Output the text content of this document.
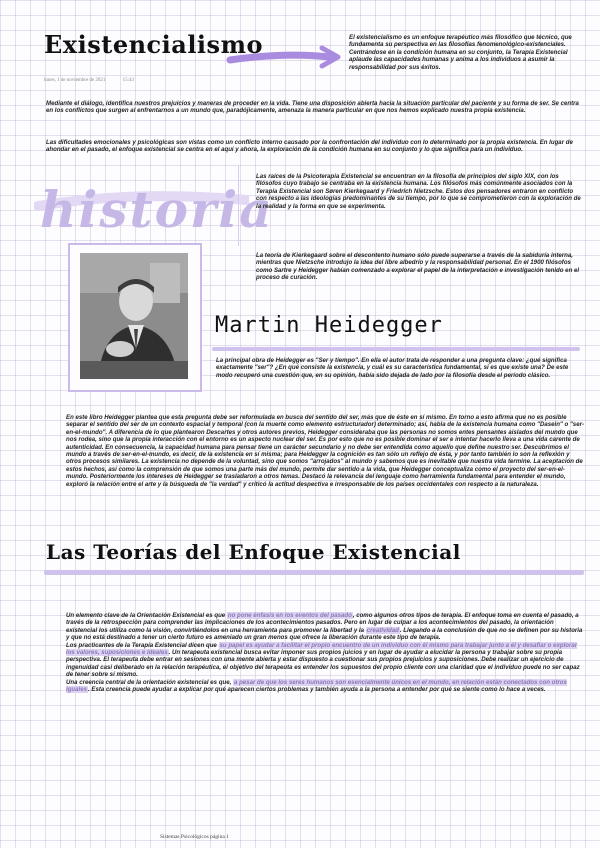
Existencialismo
lunes, 1 de noviembre de 2021	15:43

El existencialismo es un enfoque terapéutico más filosófico que técnico, que fundamenta su perspectiva en las filosofías fenomenológico-existenciales. Centrándose en la condición humana en su conjunto, la Terapia Existencial aplaude las capacidades humanas y anima a los individuos a asumir la responsabilidad por sus éxitos.

Mediante el diálogo, identifica nuestros prejuicios y maneras de proceder en la vida. Tiene una disposición abierta hacia la situación particular del paciente y su forma de ser. Se centra en los conflictos que surgen al enfrentarnos a un mundo que, paradójicamente, amenaza la manera particular en que nos hemos explicado nuestra propia existencia.

Las dificultades emocionales y psicológicas son vistas como un conflicto interno causado por la confrontación del individuo con lo determinado por la propia existencia. En lugar de ahondar en el pasado, el enfoque existencial se centra en el aquí y ahora, la exploración de la condición humana en su conjunto y lo que significa para un individuo.

historia

Las raíces de la Psicoterapia Existencial se encuentran en la filosofía de principios del siglo XIX, con los filósofos cuyo trabajo se centraba en la existencia humana. Los filósofos más comúnmente asociados con la Terapia Existencial son Søren Kierkegaard y Friedrich Nietzsche. Estos dos pensadores entraron en conflicto con respecto a las ideologías predominantes de su tiempo, por lo que se comprometieron con la exploración de la realidad y la forma en que se experimenta.

La teoría de Kierkegaard sobre el descontento humano sólo puede superarse a través de la sabiduría interna, mientras que Nietzsche introdujo la idea del libre albedrío y la responsabilidad personal. En el 1900 filósofos como Sartre y Heidegger habían comenzado a explorar el papel de la interpretación e investigación tenido en el proceso de curación.

Martin Heidegger

La principal obra de Heidegger es "Ser y tiempo". En ella el autor trata de responder a una pregunta clave: ¿qué significa exactamente "ser"? ¿En qué consiste la existencia, y cuál es su característica fundamental, si es que existe una? De este modo recuperó una cuestión que, en su opinión, había sido dejada de lado por la filosofía desde el período clásico.

En este libro Heidegger plantea que esta pregunta debe ser reformulada en busca del sentido del ser, más que de éste en sí mismo. En torno a esto afirma que no es posible separar el sentido del ser de un contexto espacial y temporal (con la muerte como elemento estructurador) determinado; así, habla de la existencia humana como "Dasein" o "ser-en-el-mundo". A diferencia de lo que plantearon Descartes y otros autores previos, Heidegger consideraba que las personas no somos entes pensantes aislados del mundo que nos rodea, sino que la propia interacción con el entorno es un aspecto nuclear del ser. Es por esto que no es posible dominar el ser e intentar hacerlo lleva a una vida carente de autenticidad. En consecuencia, la capacidad humana para pensar tiene un carácter secundario y no debe ser entendida como aquello que define nuestro ser. Descubrimos el mundo a través de ser-en-el-mundo, es decir, de la existencia en sí misma; para Heidegger la cognición es tan sólo un reflejo de ésta, y por tanto también lo son la reflexión y otros procesos similares. La existencia no depende de la voluntad, sino que somos "arrojados" al mundo y sabemos que es inevitable que nuestra vida termine. La aceptación de estos hechos, así como la comprensión de que somos una parte más del mundo, permite dar sentido a la vida, que Heidegger conceptualiza como el proyecto del ser-en-el-mundo. Posteriormente los intereses de Heidegger se trasladaron a otros temas. Destacó la relevancia del lenguaje como herramienta fundamental para entender el mundo, exploró la relación entre el arte y la búsqueda de "la verdad" y criticó la actitud despectiva e irresponsable de los países occidentales con respecto a la naturaleza.

Las Teorías del Enfoque Existencial

Un elemento clave de la Orientación Existencial es que no pone énfasis en los eventos del pasado, como algunos otros tipos de terapia. El enfoque toma en cuenta el pasado, a través de la retrospección para comprender las implicaciones de los acontecimientos pasados. Pero en lugar de culpar a los acontecimientos del pasado, la orientación existencial los utiliza como la visión, convirtiéndolos en una herramienta para promover la libertad y la creatividad. Llegando a la conclusión de que no se definen por su historia y que no está destinado a tener un cierto futuro es ameniado un gran menos que ofrece la liberación durante este tipo de terapia.

Los practicantes de la Terapia Existencial dicen que su papel es ayudar a facilitar el propio encuentro de un individuo con él mismo para trabajar junto a él y desafiar o explorar los valores, suposiciones e ideales. Un terapeuta existencial busca evitar imponer sus propios juicios y en lugar de ayudar a elucidar la persona y trabajar sobre su propia perspectiva. El terapeuta debe entrar en sesiones con una mente abierta y estar dispuesto a cuestionar sus propios prejuicios y suposiciones. Debe realizar un ejercicio de ingenuidad casi deliberado en la relación terapéutica, el objetivo del terapeuta es entender los supuestos del propio cliente con una claridad que el individuo puede no ser capaz de tener sobre sí mismo.

Una creencia central de la orientación existencial es que, a pesar de que los seres humanos son esencialmente únicos en el mundo, en relación están conectados con otros iguales. Esta creencia puede ayudar a explicar por qué aparecen ciertos problemas y también ayuda a la persona a entender por qué se siente como lo hace a veces.

Sistemas Psicológicos página 1
